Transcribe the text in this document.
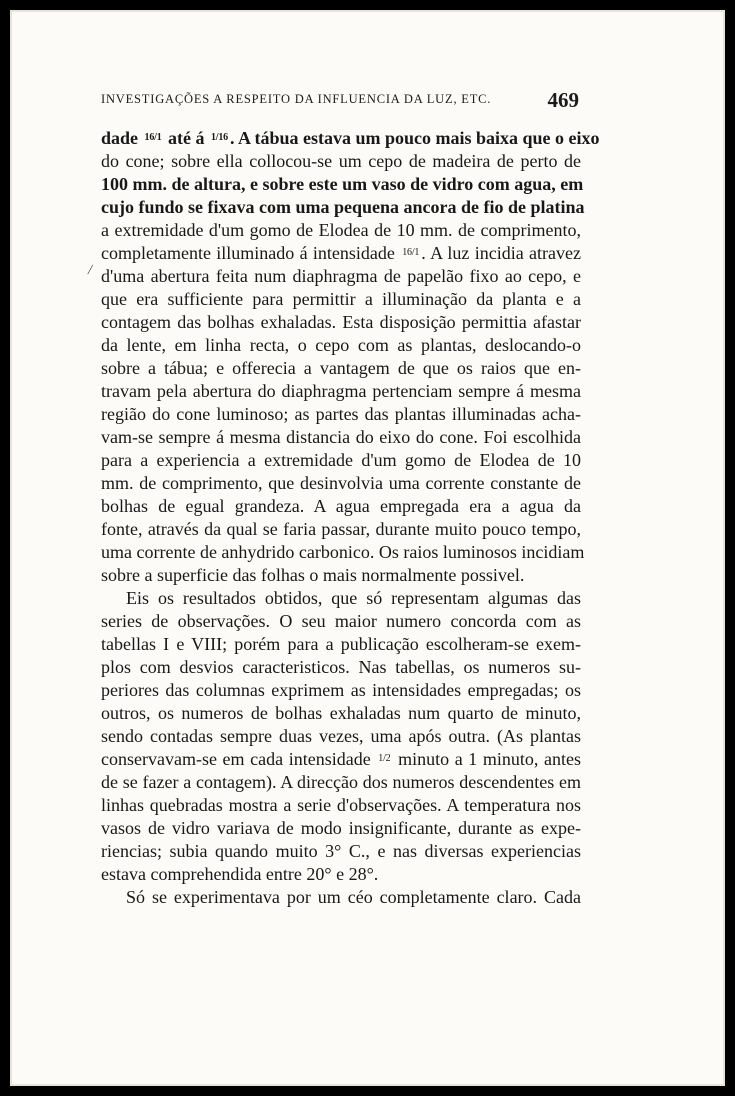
INVESTIGAÇÕES A RESPEITO DA INFLUENCIA DA LUZ, ETC.	469
/
dade 16/1 até á 1/16 . A tábua estava um pouco mais baixa que o eixo
do cone; sobre ella collocou-se um cepo de madeira de perto de
100 mm. de altura, e sobre este um vaso de vidro com agua, em
cujo fundo se fixava com uma pequena ancora de fio de platina
a extremidade d'um gomo de Elodea de 10 mm. de comprimento,
completamente illuminado á intensidade 16/1 . A luz incidia atravez
d'uma abertura feita num diaphragma de papelão fixo ao cepo, e
que era sufficiente para permittir a illuminação da planta e a
contagem das bolhas exhaladas. Esta disposição permittia afastar
da lente, em linha recta, o cepo com as plantas, deslocando-o
sobre a tábua; e offerecia a vantagem de que os raios que en-
travam pela abertura do diaphragma pertenciam sempre á mesma
região do cone luminoso; as partes das plantas illuminadas acha-
vam-se sempre á mesma distancia do eixo do cone. Foi escolhida
para a experiencia a extremidade d'um gomo de Elodea de 10
mm. de comprimento, que desinvolvia uma corrente constante de
bolhas de egual grandeza. A agua empregada era a agua da
fonte, através da qual se faria passar, durante muito pouco tempo,
uma corrente de anhydrido carbonico. Os raios luminosos incidiam
sobre a superficie das folhas o mais normalmente possivel.
Eis os resultados obtidos, que só representam algumas das
series de observações. O seu maior numero concorda com as
tabellas I e VIII; porém para a publicação escolheram-se exem-
plos com desvios caracteristicos. Nas tabellas, os numeros su-
periores das columnas exprimem as intensidades empregadas; os
outros, os numeros de bolhas exhaladas num quarto de minuto,
sendo contadas sempre duas vezes, uma após outra. (As plantas
conservavam-se em cada intensidade 1/2 minuto a 1 minuto, antes
de se fazer a contagem). A direcção dos numeros descendentes em
linhas quebradas mostra a serie d'observações. A temperatura nos
vasos de vidro variava de modo insignificante, durante as expe-
riencias; subia quando muito 3° C., e nas diversas experiencias
estava comprehendida entre 20° e 28°.
Só se experimentava por um céo completamente claro. Cada
